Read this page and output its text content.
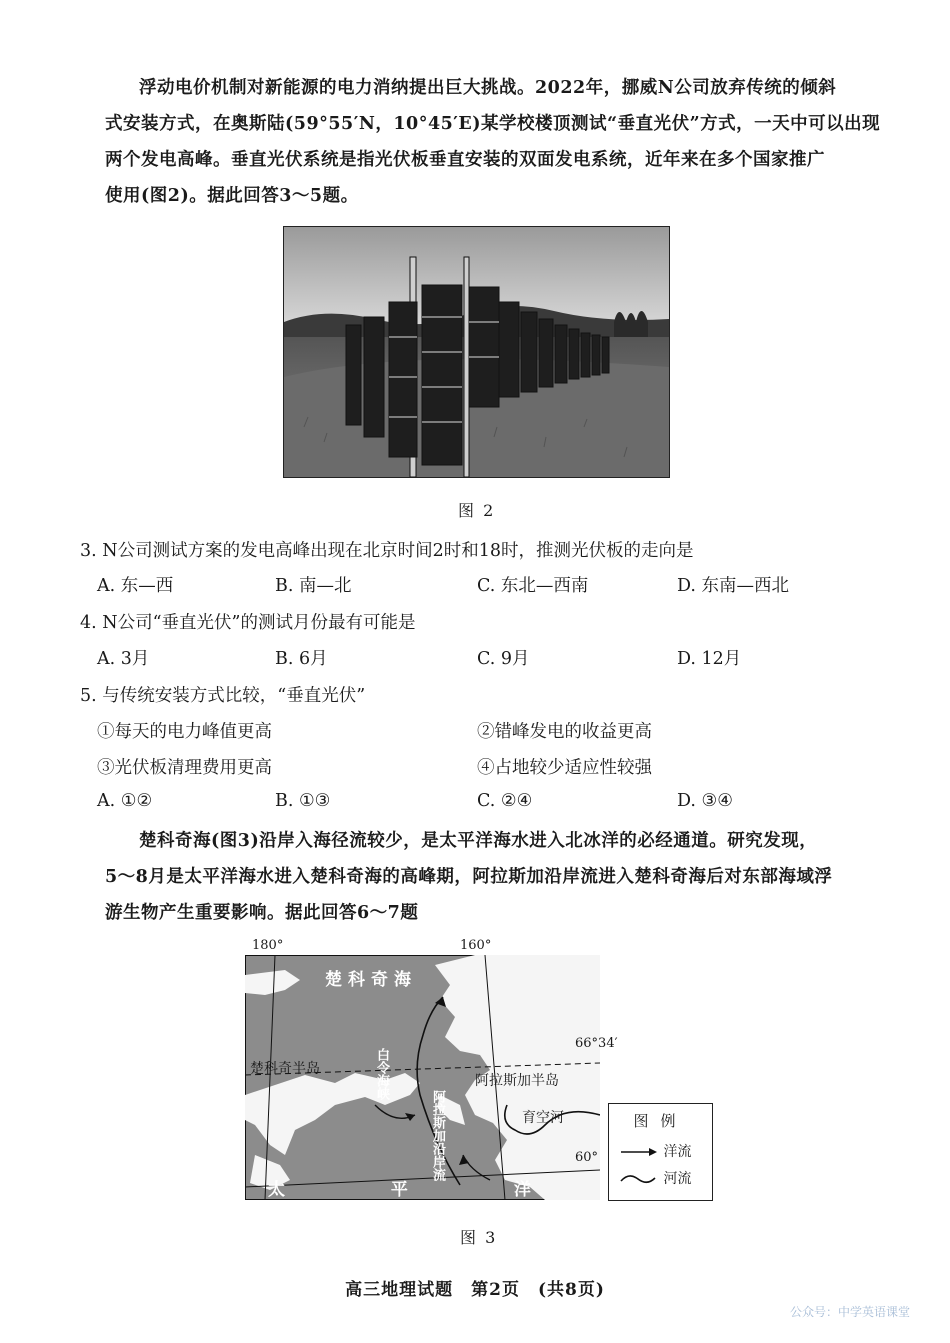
浮动电价机制对新能源的电力消纳提出巨大挑战。2022年，挪威N公司放弃传统的倾斜
式安装方式，在奥斯陆(59°55′N，10°45′E)某学校楼顶测试“垂直光伏”方式，一天中可以出现
两个发电高峰。垂直光伏系统是指光伏板垂直安装的双面发电系统，近年来在多个国家推广
使用(图2)。据此回答3～5题。
图 2
3. N公司测试方案的发电高峰出现在北京时间2时和18时，推测光伏板的走向是
A. 东—西	B. 南—北	C. 东北—西南	D. 东南—西北
4. N公司“垂直光伏”的测试月份最有可能是
A. 3月	B. 6月	C. 9月	D. 12月
5. 与传统安装方式比较，“垂直光伏”
①每天的电力峰值更高	②错峰发电的收益更高
③光伏板清理费用更高	④占地较少适应性较强
A. ①②	B. ①③	C. ②④	D. ③④
楚科奇海(图3)沿岸入海径流较少，是太平洋海水进入北冰洋的必经通道。研究发现，
5～8月是太平洋海水进入楚科奇海的高峰期，阿拉斯加沿岸流进入楚科奇海后对东部海域浮
游生物产生重要影响。据此回答6～7题
180°	160°
楚科奇海
楚科奇半岛
阿拉斯加半岛
育空河
66°34′
60°
白令海峡
阿拉斯加沿岸流
太 平 洋
图例
洋流
河流
图 3
高三地理试题　第2页　(共8页)
公众号：中学英语课堂
